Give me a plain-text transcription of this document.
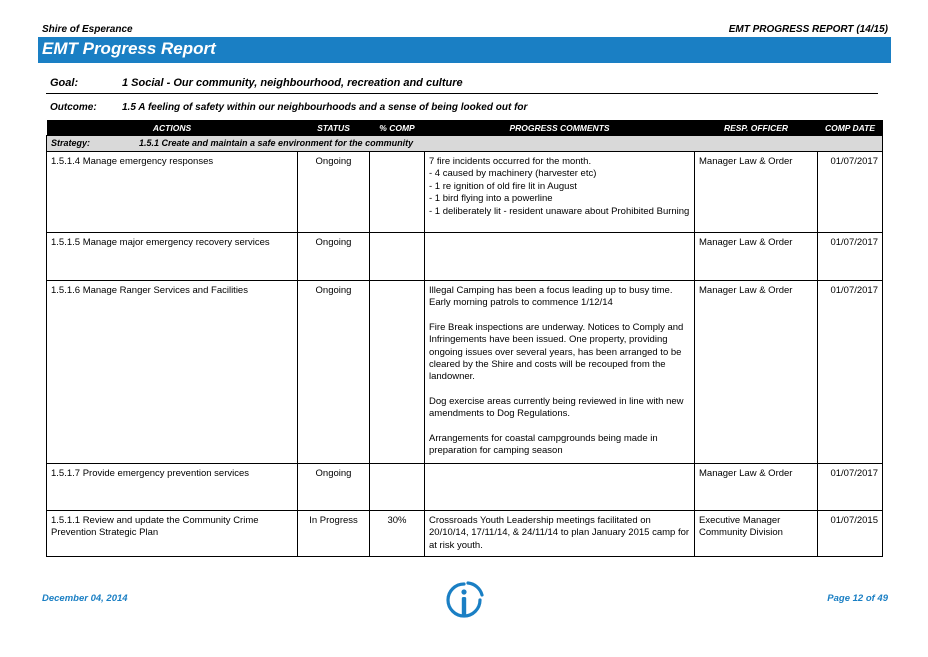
Shire of Esperance	EMT PROGRESS REPORT (14/15)
EMT Progress Report
Goal:	1 Social - Our community, neighbourhood, recreation and culture
Outcome:	1.5 A feeling of safety within our neighbourhoods and a sense of being looked out for
ACTIONS	STATUS	% COMP	PROGRESS COMMENTS	RESP. OFFICER	COMP DATE
Strategy: 1.5.1 Create and maintain a safe environment for the community					
1.5.1.4 Manage emergency responses	Ongoing		7 fire incidents occurred for the month.
- 4 caused by machinery (harvester etc)
- 1 re ignition of old fire lit in August
- 1 bird flying into a powerline
- 1 deliberately lit - resident unaware about Prohibited Burning	Manager Law & Order	01/07/2017
1.5.1.5 Manage major emergency recovery services	Ongoing			Manager Law & Order	01/07/2017
1.5.1.6 Manage Ranger Services and Facilities	Ongoing		Illegal Camping has been a focus leading up to busy time. Early morning patrols to commence 1/12/14
Fire Break inspections are underway. Notices to Comply and Infringements have been issued. One property, providing ongoing issues over several years, has been arranged to be cleared by the Shire and costs will be recouped from the landowner.
Dog exercise areas currently being reviewed in line with new amendments to Dog Regulations.
Arrangements for coastal campgrounds being made in preparation for camping season	Manager Law & Order	01/07/2017
1.5.1.7 Provide emergency prevention services	Ongoing			Manager Law & Order	01/07/2017
1.5.1.1 Review and update the Community Crime Prevention Strategic Plan	In Progress	30%	Crossroads Youth Leadership meetings facilitated on 20/10/14, 17/11/14, & 24/11/14 to plan January 2015 camp for at risk youth.	Executive Manager Community Division	01/07/2015
December 04, 2014	Page 12 of 49
